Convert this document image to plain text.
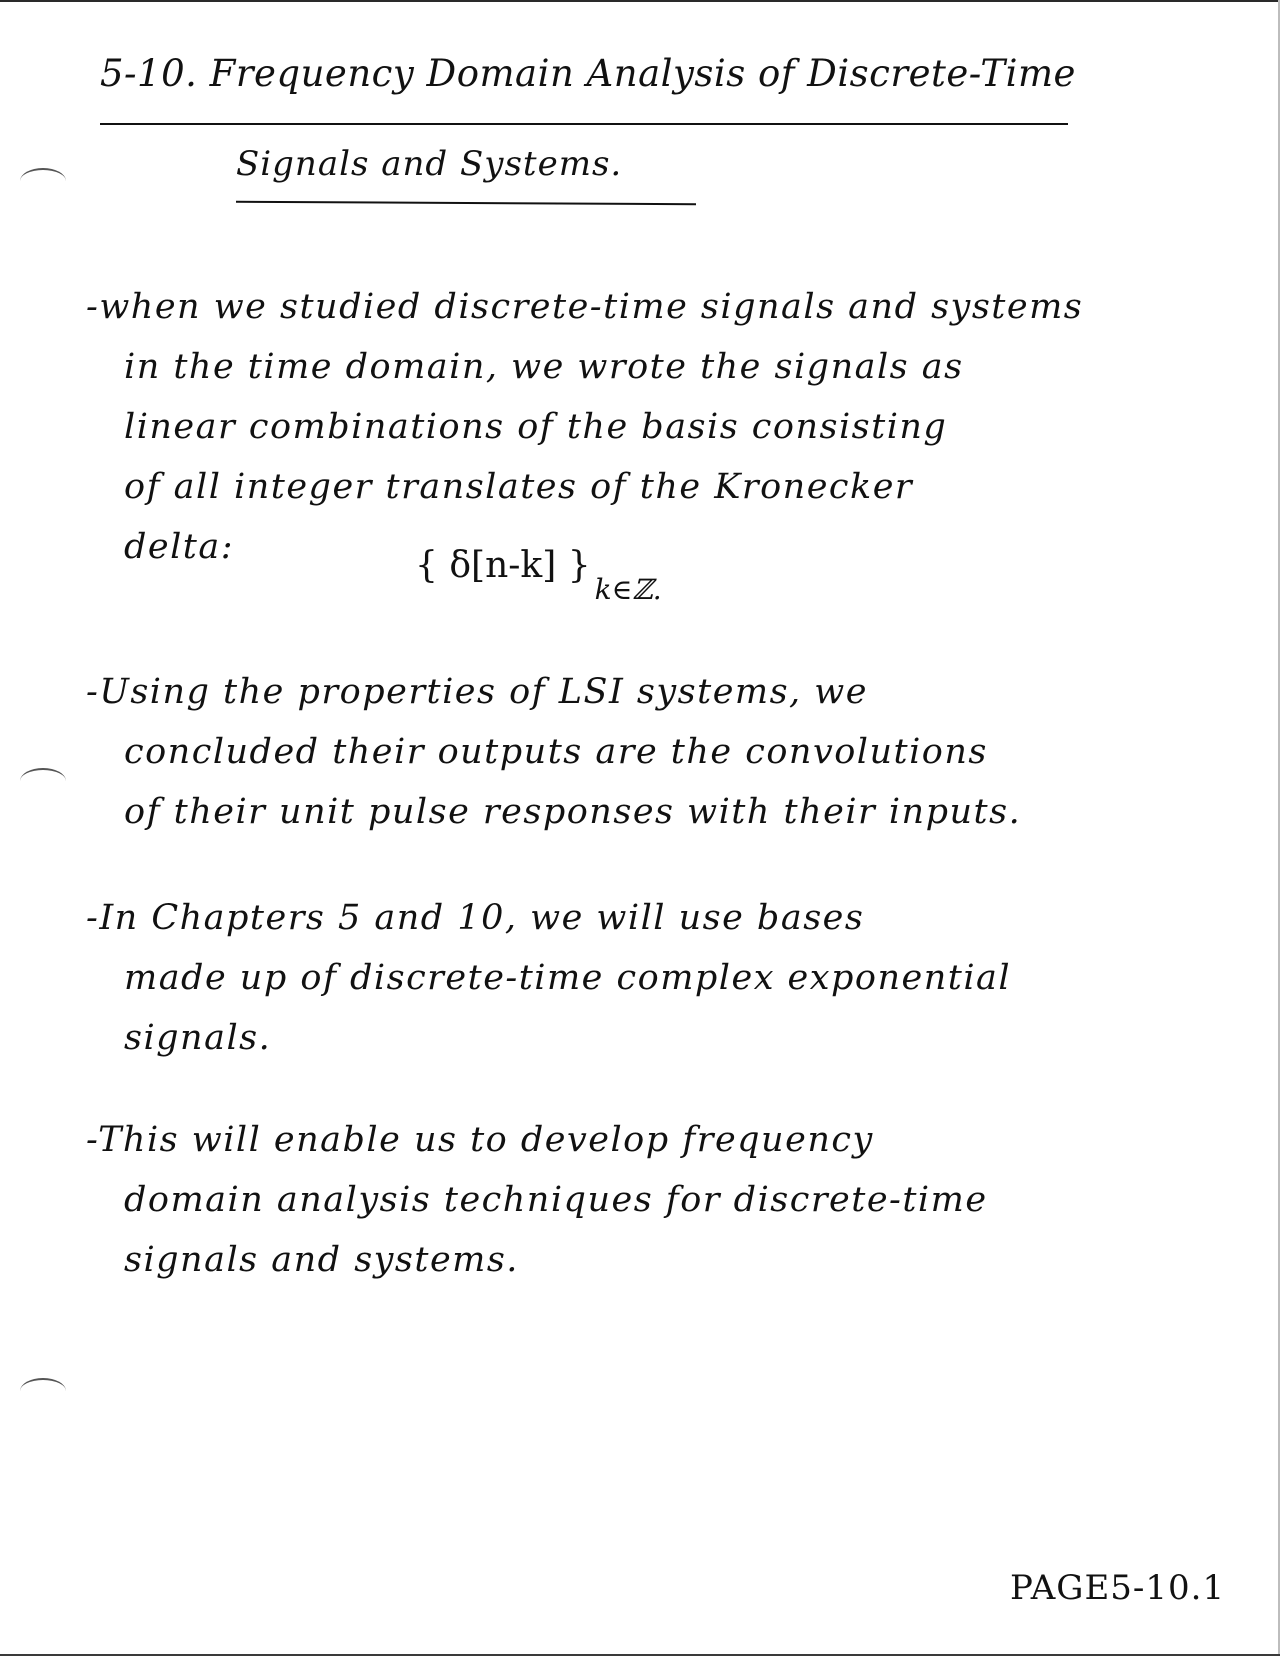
5-10. Frequency Domain Analysis of Discrete-Time

Signals and Systems.

-when we studied discrete-time signals and systems
in the time domain, we wrote the signals as
linear combinations of the basis consisting
of all integer translates of the Kronecker
delta:	{ δ[n-k] }$_{k\in ℤ.}$
-Using the properties of LSI systems, we
concluded their outputs are the convolutions
of their unit pulse responses with their inputs.
-In Chapters 5 and 10, we will use bases
made up of discrete-time complex exponential
signals.
-This will enable us to develop frequency
domain analysis techniques for discrete-time
signals and systems.

PAGE5-10.1
